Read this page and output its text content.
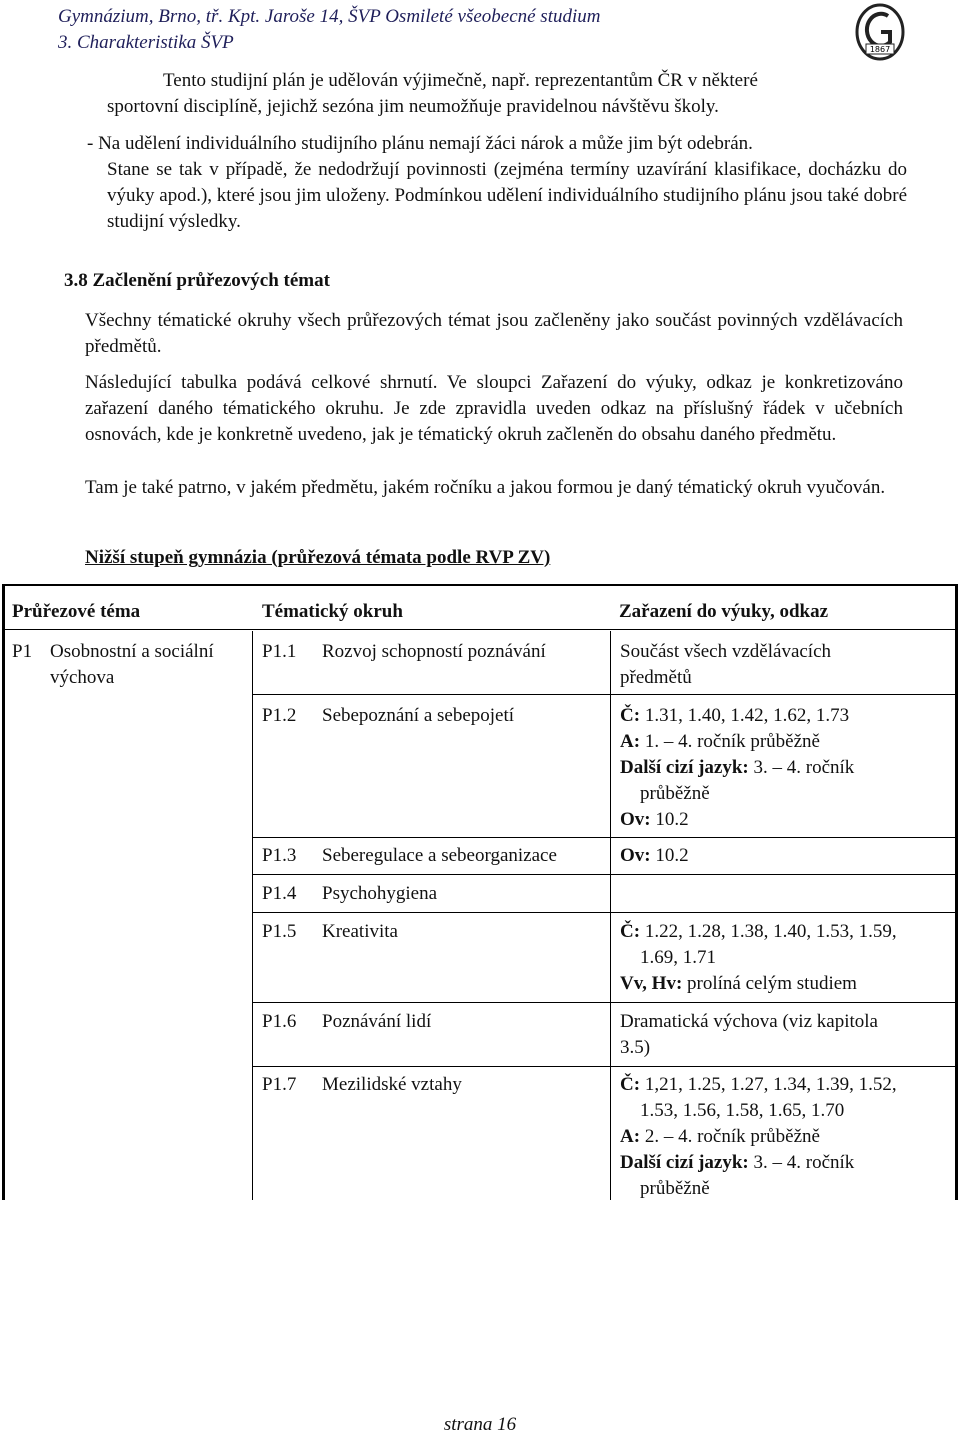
Gymnázium, Brno, tř. Kpt. Jaroše 14, ŠVP Osmileté všeobecné studium
3. Charakteristika ŠVP	1867

Tento studijní plán je udělován výjimečně, např. reprezentantům ČR v některé

sportovní disciplíně, jejichž sezóna jim neumožňuje pravidelnou návštěvu školy.

- Na udělení individuálního studijního plánu nemají žáci nárok a může jim být odebrán.

Stane se tak v případě, že nedodržují povinnosti (zejména termíny uzavírání klasifikace, docházku do výuky apod.), které jsou jim uloženy. Podmínkou udělení individuálního studijního plánu jsou také dobré studijní výsledky.

3.8 Začlenění průřezových témat

Všechny tématické okruhy všech průřezových témat jsou začleněny jako součást povinných vzdělávacích předmětů.

Následující tabulka podává celkové shrnutí. Ve sloupci Zařazení do výuky, odkaz je konkretizováno zařazení daného tématického okruhu. Je zde zpravidla uveden odkaz na příslušný řádek v učebních osnovách, kde je konkretně uvedeno, jak je tématický okruh začleněn do obsahu daného předmětu.

Tam je také patrno, v jakém předmětu, jakém ročníku a jakou formou je daný tématický okruh vyučován.

Nižší stupeň gymnázia (průřezová témata podle RVP ZV)

Průřezové téma	Tématický okruh	Zařazení do výuky, odkaz
P1 Osobnostní a sociální výchova
P1.1 Rozvoj schopností poznávání	Součást všech vzdělávacích
předmětů
P1.2 Sebepoznání a sebepojetí	Č: 1.31, 1.40, 1.42, 1.62, 1.73
A: 1. – 4. ročník průběžně
Další cizí jazyk: 3. – 4. ročník
průběžně
Ov: 10.2
P1.3 Seberegulace a sebeorganizace	Ov: 10.2
P1.4 Psychohygiena
P1.5 Kreativita	Č: 1.22, 1.28, 1.38, 1.40, 1.53, 1.59,
1.69, 1.71
Vv, Hv: prolíná celým studiem
P1.6 Poznávání lidí	Dramatická výchova (viz kapitola
3.5)
P1.7 Mezilidské vztahy	Č: 1,21, 1.25, 1.27, 1.34, 1.39, 1.52,
1.53, 1.56, 1.58, 1.65, 1.70
A: 2. – 4. ročník průběžně
Další cizí jazyk: 3. – 4. ročník
průběžně
strana 16
